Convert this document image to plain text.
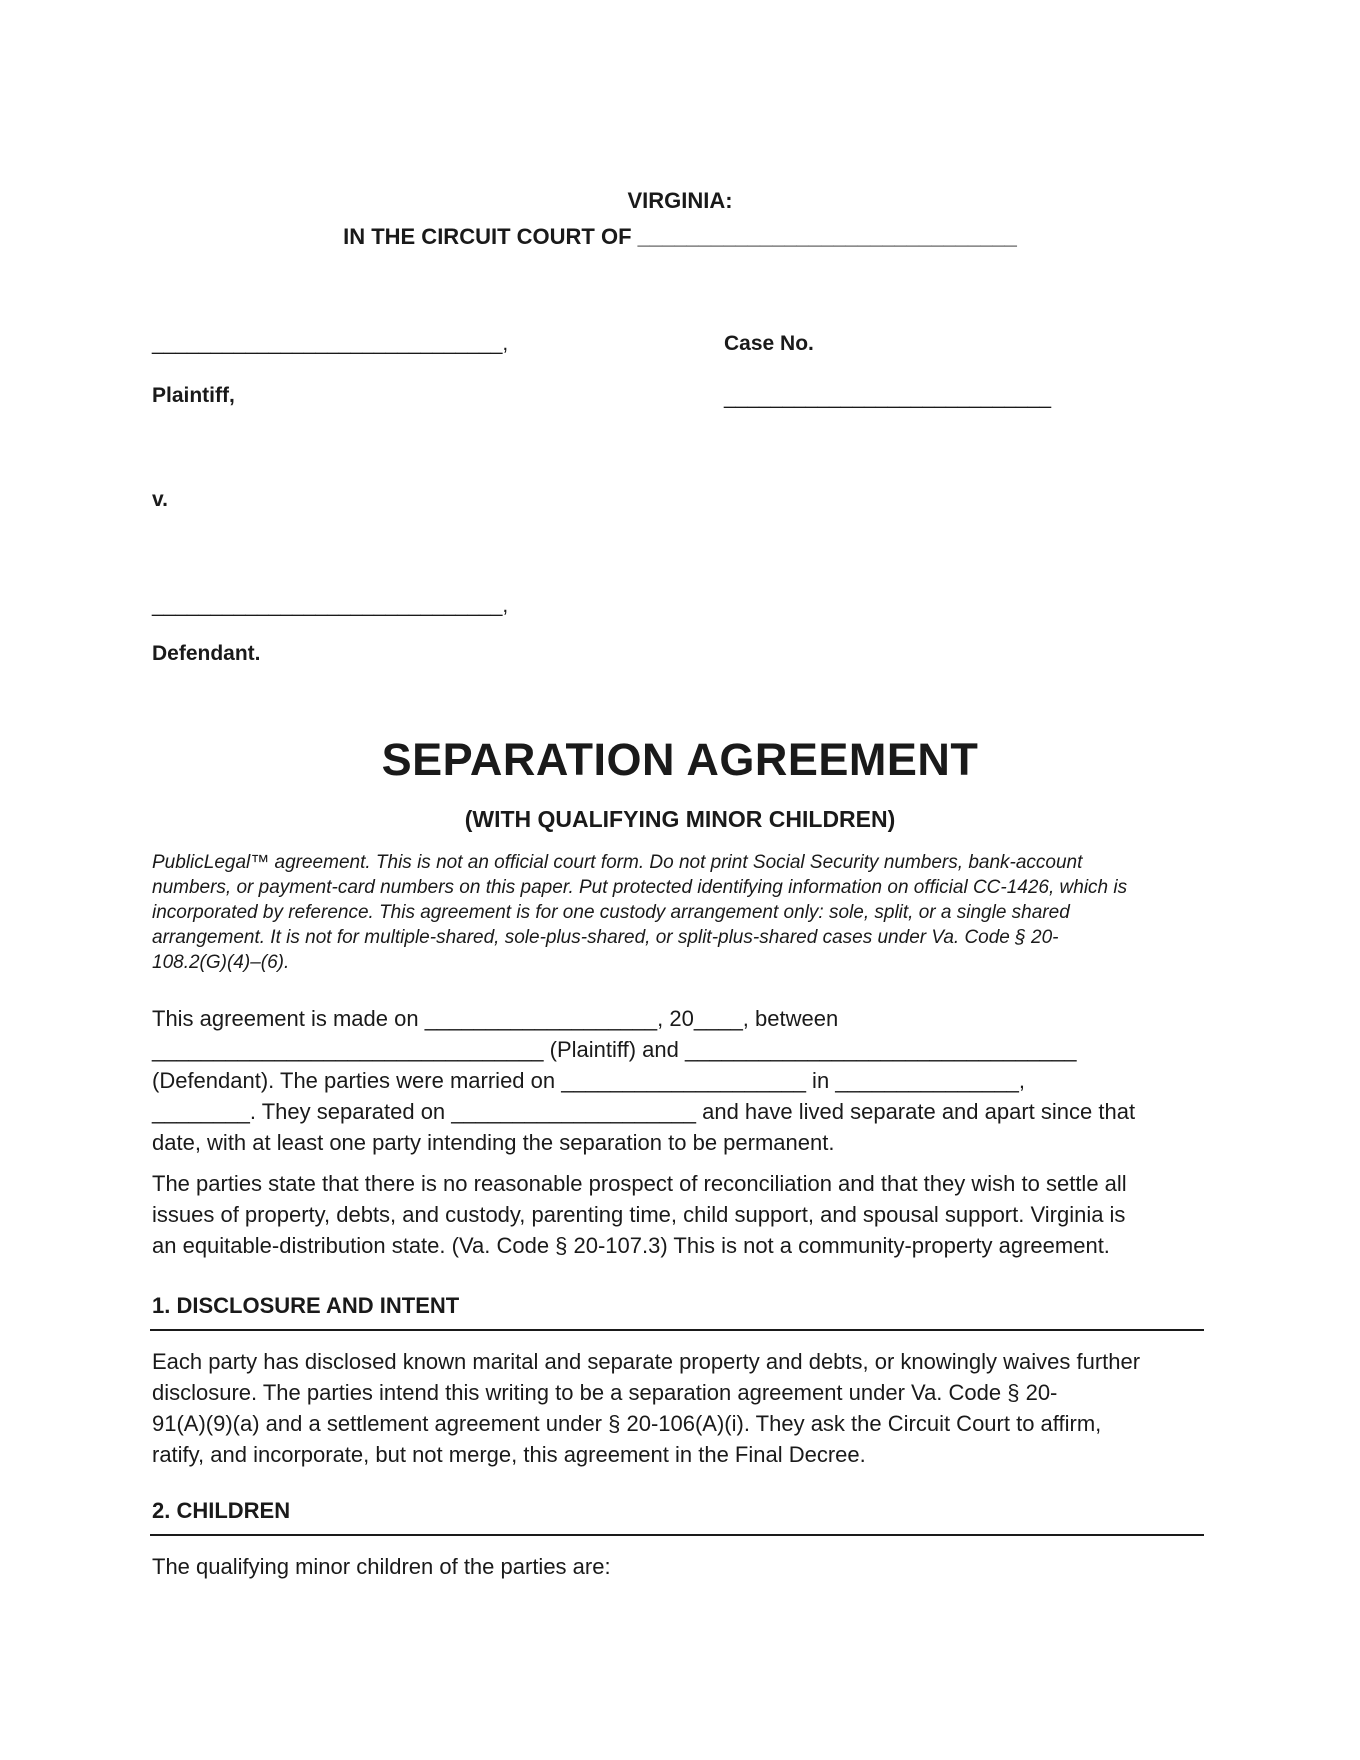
VIRGINIA:
IN THE CIRCUIT COURT OF _______________________________
______________________________,
Plaintiff,
v.
______________________________,
Defendant.
Case No.
____________________________
SEPARATION AGREEMENT
(WITH QUALIFYING MINOR CHILDREN)
PublicLegal™ agreement. This is not an official court form. Do not print Social Security numbers, bank-account
numbers, or payment-card numbers on this paper. Put protected identifying information on official CC-1426, which is
incorporated by reference. This agreement is for one custody arrangement only: sole, split, or a single shared
arrangement. It is not for multiple-shared, sole-plus-shared, or split-plus-shared cases under Va. Code § 20-
108.2(G)(4)–(6).
This agreement is made on ___________________, 20____, between
________________________________ (Plaintiff) and ________________________________
(Defendant). The parties were married on ____________________ in _______________,
________. They separated on ____________________ and have lived separate and apart since that
date, with at least one party intending the separation to be permanent.
The parties state that there is no reasonable prospect of reconciliation and that they wish to settle all
issues of property, debts, and custody, parenting time, child support, and spousal support. Virginia is
an equitable-distribution state. (Va. Code § 20-107.3) This is not a community-property agreement.
1. DISCLOSURE AND INTENT
Each party has disclosed known marital and separate property and debts, or knowingly waives further
disclosure. The parties intend this writing to be a separation agreement under Va. Code § 20-
91(A)(9)(a) and a settlement agreement under § 20-106(A)(i). They ask the Circuit Court to affirm,
ratify, and incorporate, but not merge, this agreement in the Final Decree.
2. CHILDREN
The qualifying minor children of the parties are:
